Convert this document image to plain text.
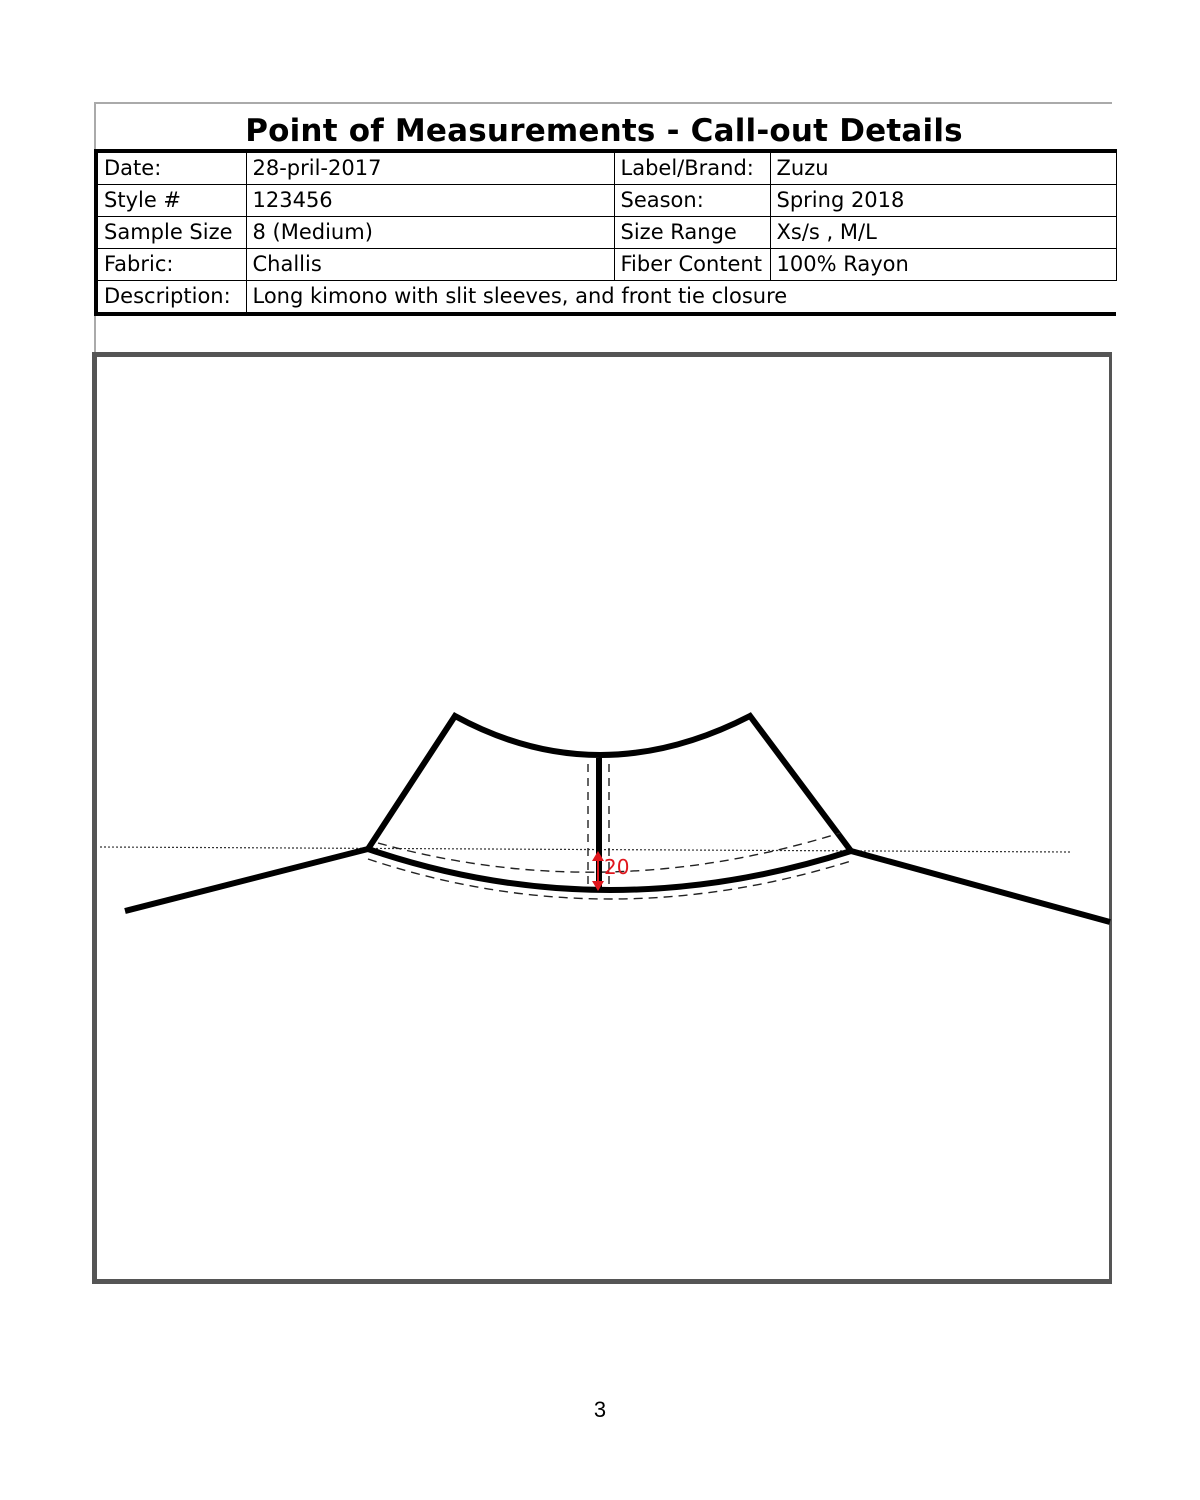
Point of Measurements - Call-out Details
Date:	28-pril-2017	Label/Brand:	Zuzu
Style #	123456	Season:	Spring 2018
Sample Size	8 (Medium)	Size Range	Xs/s , M/L
Fabric:	Challis	Fiber Content	100% Rayon
Description:	Long kimono with slit sleeves, and front tie closure		
20
3
